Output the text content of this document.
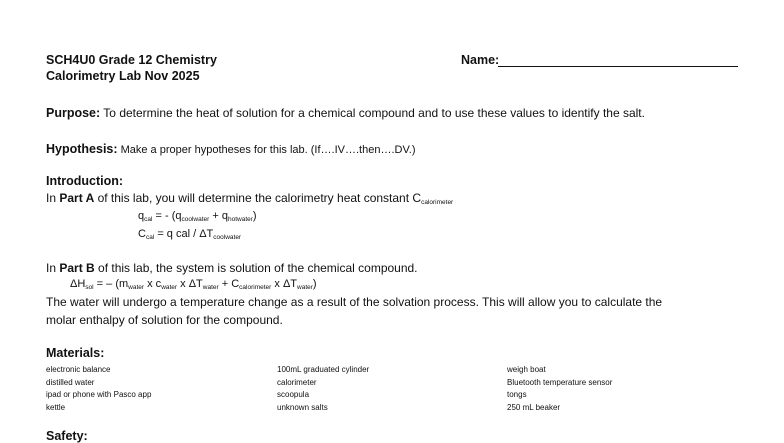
SCH4U0 Grade 12 Chemistry
Calorimetry Lab Nov 2025
Name:
Purpose: To determine the heat of solution for a chemical compound and to use these values to identify the salt.
Hypothesis: Make a proper hypotheses for this lab. (If….IV….then….DV.)
Introduction:
In Part A of this lab, you will determine the calorimetry heat constant $C_{calorimeter}$
$q_{cal}$ = - $(q_{coolwater} + q_{hotwater})$
$C_{cal} = q$ cal / $\Delta T_{coolwater}$
In Part B of this lab, the system is solution of the chemical compound.
$\Delta H_{sol}$ = – ($m_{water}$ x $c_{water}$ x $\Delta T_{water} + C_{calorimeter}$ x $\Delta T_{water}$)
The water will undergo a temperature change as a result of the solvation process. This will allow you to calculate the
molar enthalpy of solution for the compound.
Materials:
electronic balance
distilled water
ipad or phone with Pasco app
kettle
100mL graduated cylinder
calorimeter
scoopula
unknown salts
weigh boat
Bluetooth temperature sensor
tongs
250 mL beaker
Safety:
